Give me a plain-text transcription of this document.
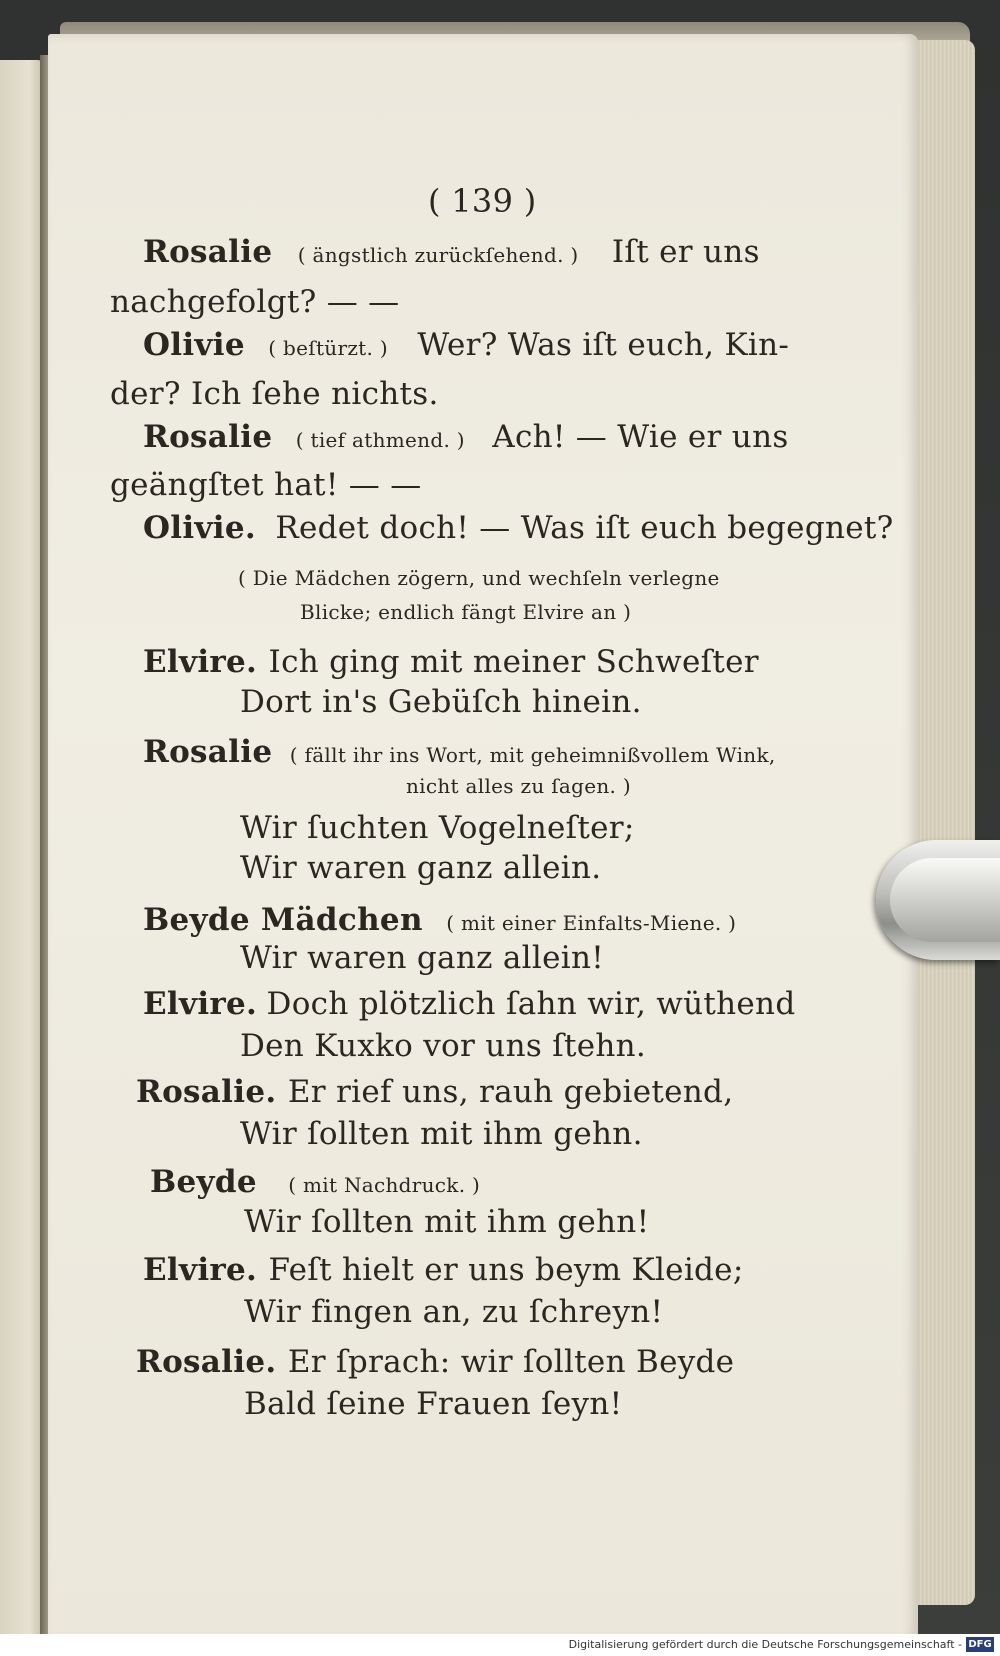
( 139 )
Rosalie ( ängstlich zurückſehend. ) Iſt er uns
nachgefolgt? — —
Olivie ( beſtürzt. ) Wer? Was iſt euch, Kin-
der? Ich ſehe nichts.
Rosalie ( tief athmend. ) Ach! — Wie er uns
geängſtet hat! — —
Olivie. Redet doch! — Was iſt euch begegnet?
( Die Mädchen zögern, und wechſeln verlegne
Blicke; endlich fängt Elvire an )
Elvire. Ich ging mit meiner Schweſter
Dort in's Gebüſch hinein.
Rosalie ( fällt ihr ins Wort, mit geheimnißvollem Wink,
nicht alles zu ſagen. )
Wir ſuchten Vogelneſter;
Wir waren ganz allein.
Beyde Mädchen ( mit einer Einfalts-Miene. )
Wir waren ganz allein!
Elvire. Doch plötzlich ſahn wir, wüthend
Den Kuxko vor uns ſtehn.
Rosalie. Er rief uns, rauh gebietend,
Wir ſollten mit ihm gehn.
Beyde ( mit Nachdruck. )
Wir ſollten mit ihm gehn!
Elvire. Feſt hielt er uns beym Kleide;
Wir fingen an, zu ſchreyn!
Rosalie. Er ſprach: wir ſollten Beyde
Bald ſeine Frauen ſeyn!
Digitalisierung gefördert durch die Deutsche Forschungsgemeinschaft - DFG
